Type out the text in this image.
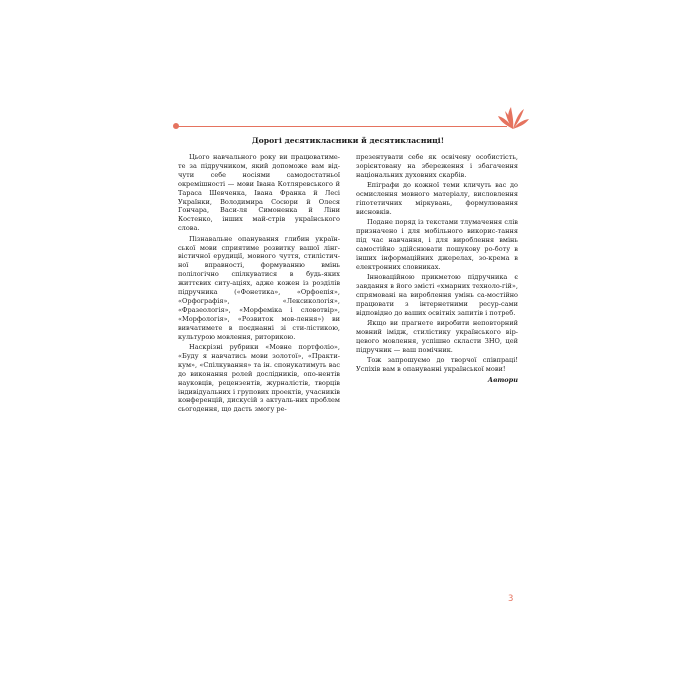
Дорогі десятикласники й десятикласниці!

Цього навчального року ви працюватиме-те за підручником, який допоможе вам від-чути себе носіями самодостатньої окремішності — мови Івана Котляревського й Тараса Шевченка, Івана Франка й Лесі Українки, Володимира Сосюри й Олеся Гончара, Васи-ля Симоненка й Ліни Костенко, інших май-стрів українського слова.

Пізнавальне опанування глибин україн-ської мови сприятиме розвитку вашої лінг-вістичної ерудиції, мовного чуття, стилістич-ної вправності, формуванню вмінь полілогічно спілкуватися в будь-яких життєвих ситу-аціях, адже кожен із розділів підручника («Фонетика», «Орфоепія», «Орфографія», «Лексикологія», «Фразеологія», «Морфеміка і словотвір», «Морфологія», «Розвиток мов-лення») ви вивчатимете в поєднанні зі сти-лістикою, культурою мовлення, риторикою.

Наскрізні рубрики «Мовне портфоліо», «Буду я навчатись мови золотої», «Практи-кум», «Спілкування» та ін. спонукатимуть вас до виконання ролей дослідників, опо-нентів науковців, рецензентів, журналістів, творців індивідуальних і групових проектів, учасників конференцій, дискусій з актуаль-них проблем сьогодення, що дасть змогу ре-

презентувати себе як освічену особистість, зорієнтовану на збереження і збагачення національних духовних скарбів.

Епіграфи до кожної теми кличуть вас до осмислення мовного матеріалу, висловлення гіпотетичних міркувань, формулювання висновків.

Подане поряд із текстами тлумачення слів призначено і для мобільного викорис-тання під час навчання, і для вироблення вмінь самостійно здійснювати пошукову ро-боту в інших інформаційних джерелах, зо-крема в електронних словниках.

Інноваційною прикметою підручника є завдання в його змісті «хмарних техноло-гій», спрямовані на вироблення умінь са-мостійно працювати з інтернетними ресур-сами відповідно до ваших освітніх запитів і потреб.

Якщо ви прагнете виробити неповторний мовний імідж, стилістику українського вір-цевого мовлення, успішно скласти ЗНО, цей підручник — ваш помічник.

Тож запрошуємо до творчої співпраці! Успіхів вам в опануванні української мови!

Автори

3
